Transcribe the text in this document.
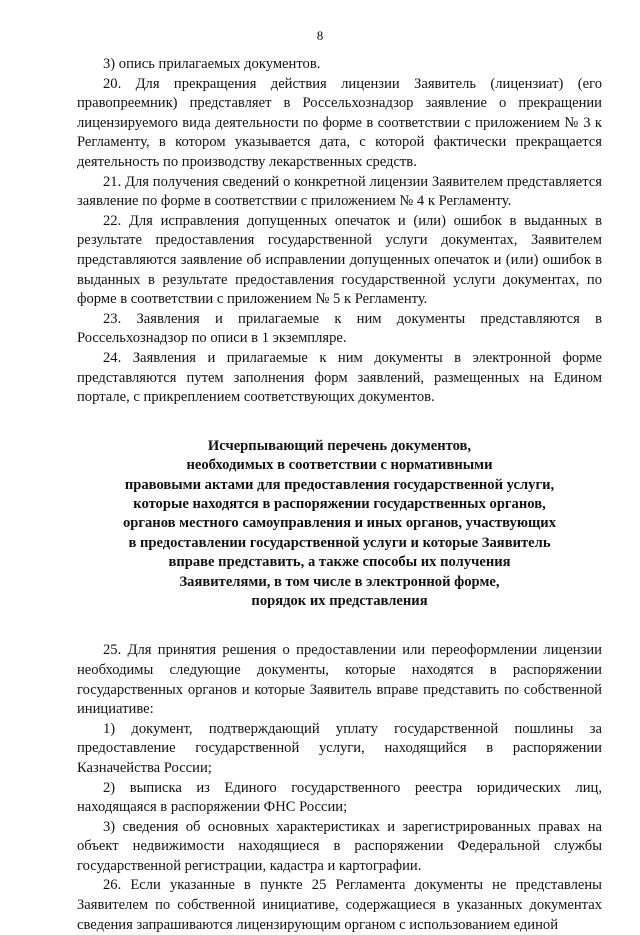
8

3) опись прилагаемых документов.

20. Для прекращения действия лицензии Заявитель (лицензиат) (его правопреемник) представляет в Россельхознадзор заявление о прекращении лицензируемого вида деятельности по форме в соответствии с приложением № 3 к Регламенту, в котором указывается дата, с которой фактически прекращается деятельность по производству лекарственных средств.

21. Для получения сведений о конкретной лицензии Заявителем представляется заявление по форме в соответствии с приложением № 4 к Регламенту.

22. Для исправления допущенных опечаток и (или) ошибок в выданных в результате предоставления государственной услуги документах, Заявителем представляются заявление об исправлении допущенных опечаток и (или) ошибок в выданных в результате предоставления государственной услуги документах, по форме в соответствии с приложением № 5 к Регламенту.

23. Заявления и прилагаемые к ним документы представляются в Россельхознадзор по описи в 1 экземпляре.

24. Заявления и прилагаемые к ним документы в электронной форме представляются путем заполнения форм заявлений, размещенных на Едином портале, с прикреплением соответствующих документов.

Исчерпывающий перечень документов,
необходимых в соответствии с нормативными
правовыми актами для предоставления государственной услуги,
которые находятся в распоряжении государственных органов,
органов местного самоуправления и иных органов, участвующих
в предоставлении государственной услуги и которые Заявитель
вправе представить, а также способы их получения
Заявителями, в том числе в электронной форме,
порядок их представления

25. Для принятия решения о предоставлении или переоформлении лицензии необходимы следующие документы, которые находятся в распоряжении государственных органов и которые Заявитель вправе представить по собственной инициативе:

1) документ, подтверждающий уплату государственной пошлины за предоставление государственной услуги, находящийся в распоряжении Казначейства России;

2) выписка из Единого государственного реестра юридических лиц, находящаяся в распоряжении ФНС России;

3) сведения об основных характеристиках и зарегистрированных правах на объект недвижимости находящиеся в распоряжении Федеральной службы государственной регистрации, кадастра и картографии.

26. Если указанные в пункте 25 Регламента документы не представлены Заявителем по собственной инициативе, содержащиеся в указанных документах сведения запрашиваются лицензирующим органом с использованием единой
